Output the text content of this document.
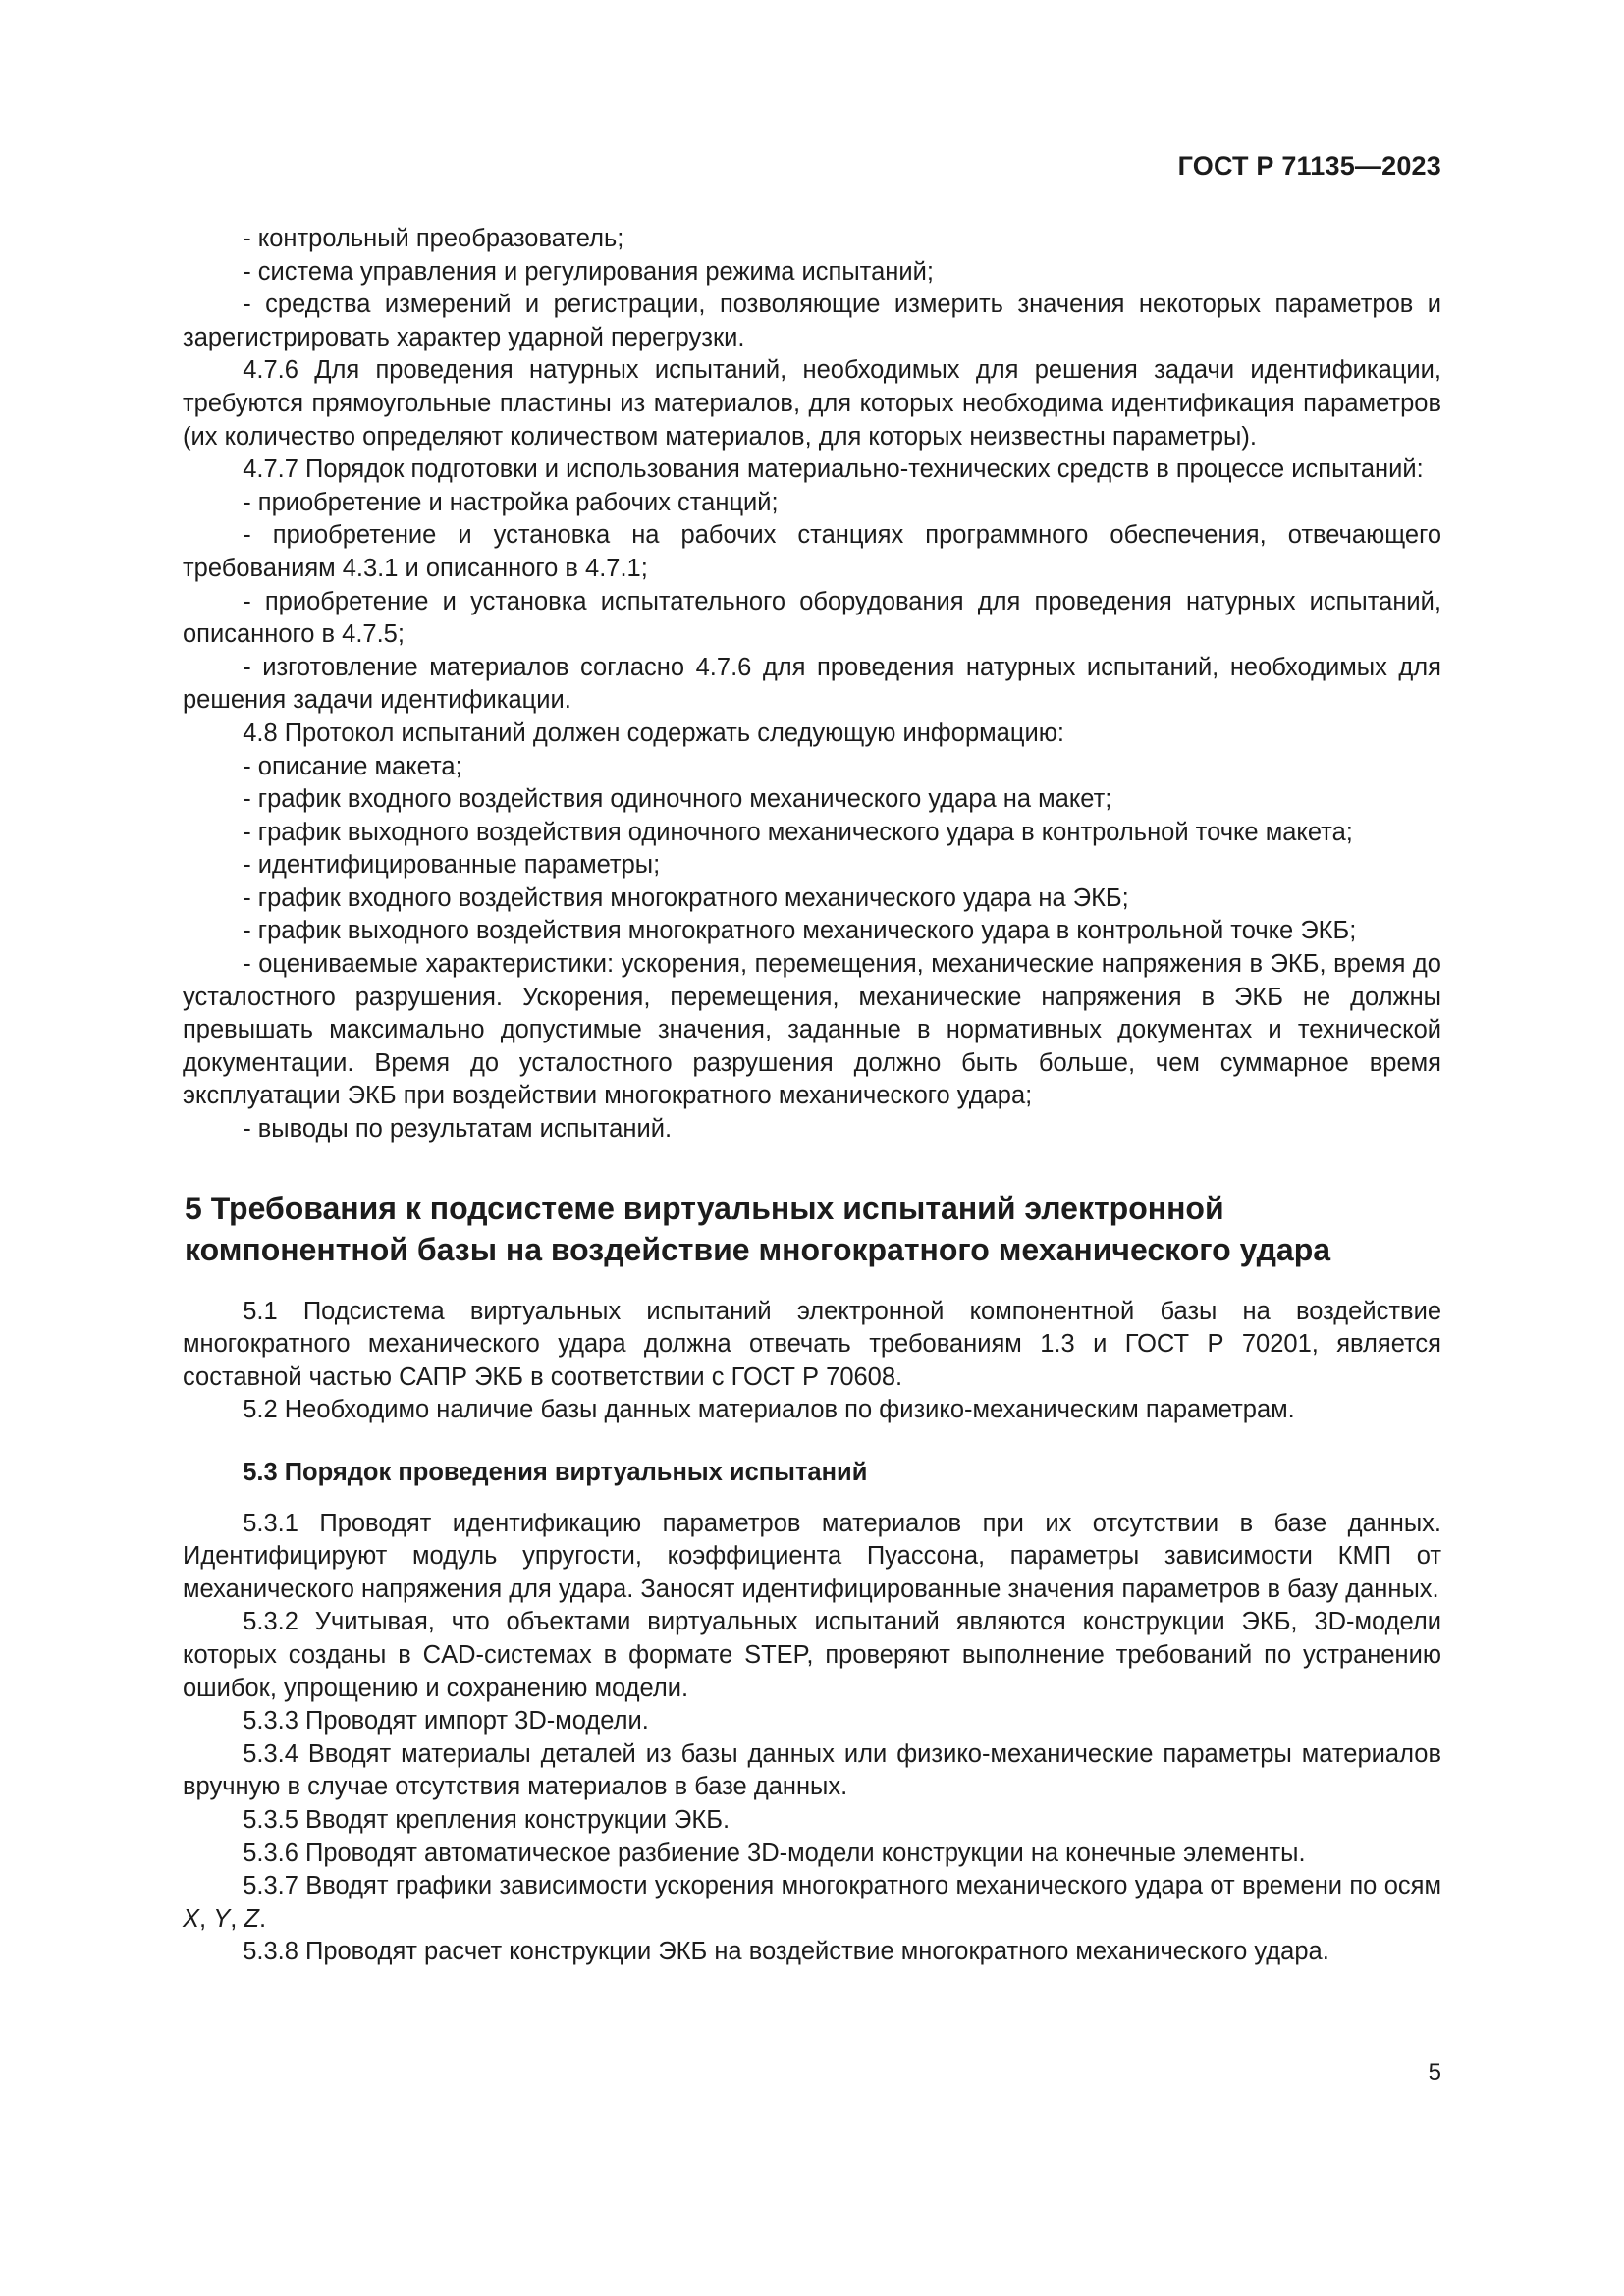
ГОСТ Р 71135—2023

- контрольный преобразователь;

- система управления и регулирования режима испытаний;

- средства измерений и регистрации, позволяющие измерить значения некоторых параметров и зарегистрировать характер ударной перегрузки.

4.7.6 Для проведения натурных испытаний, необходимых для решения задачи идентификации, требуются прямоугольные пластины из материалов, для которых необходима идентификация параметров (их количество определяют количеством материалов, для которых неизвестны параметры).

4.7.7 Порядок подготовки и использования материально-технических средств в процессе испытаний:

- приобретение и настройка рабочих станций;

- приобретение и установка на рабочих станциях программного обеспечения, отвечающего требованиям 4.3.1 и описанного в 4.7.1;

- приобретение и установка испытательного оборудования для проведения натурных испытаний, описанного в 4.7.5;

- изготовление материалов согласно 4.7.6 для проведения натурных испытаний, необходимых для решения задачи идентификации.

4.8 Протокол испытаний должен содержать следующую информацию:

- описание макета;

- график входного воздействия одиночного механического удара на макет;

- график выходного воздействия одиночного механического удара в контрольной точке макета;

- идентифицированные параметры;

- график входного воздействия многократного механического удара на ЭКБ;

- график выходного воздействия многократного механического удара в контрольной точке ЭКБ;

- оцениваемые характеристики: ускорения, перемещения, механические напряжения в ЭКБ, время до усталостного разрушения. Ускорения, перемещения, механические напряжения в ЭКБ не должны превышать максимально допустимые значения, заданные в нормативных документах и технической документации. Время до усталостного разрушения должно быть больше, чем суммарное время эксплуатации ЭКБ при воздействии многократного механического удара;

- выводы по результатам испытаний.

5 Требования к подсистеме виртуальных испытаний электронной компонентной базы на воздействие многократного механического удара

5.1 Подсистема виртуальных испытаний электронной компонентной базы на воздействие многократного механического удара должна отвечать требованиям 1.3 и ГОСТ Р 70201, является составной частью САПР ЭКБ в соответствии с ГОСТ Р 70608.

5.2 Необходимо наличие базы данных материалов по физико-механическим параметрам.

5.3 Порядок проведения виртуальных испытаний

5.3.1 Проводят идентификацию параметров материалов при их отсутствии в базе данных. Идентифицируют модуль упругости, коэффициента Пуассона, параметры зависимости КМП от механического напряжения для удара. Заносят идентифицированные значения параметров в базу данных.

5.3.2 Учитывая, что объектами виртуальных испытаний являются конструкции ЭКБ, 3D-модели которых созданы в CAD-системах в формате STEP, проверяют выполнение требований по устранению ошибок, упрощению и сохранению модели.

5.3.3 Проводят импорт 3D-модели.

5.3.4 Вводят материалы деталей из базы данных или физико-механические параметры материалов вручную в случае отсутствия материалов в базе данных.

5.3.5 Вводят крепления конструкции ЭКБ.

5.3.6 Проводят автоматическое разбиение 3D-модели конструкции на конечные элементы.

5.3.7 Вводят графики зависимости ускорения многократного механического удара от времени по осям X, Y, Z.

5.3.8 Проводят расчет конструкции ЭКБ на воздействие многократного механического удара.

5
